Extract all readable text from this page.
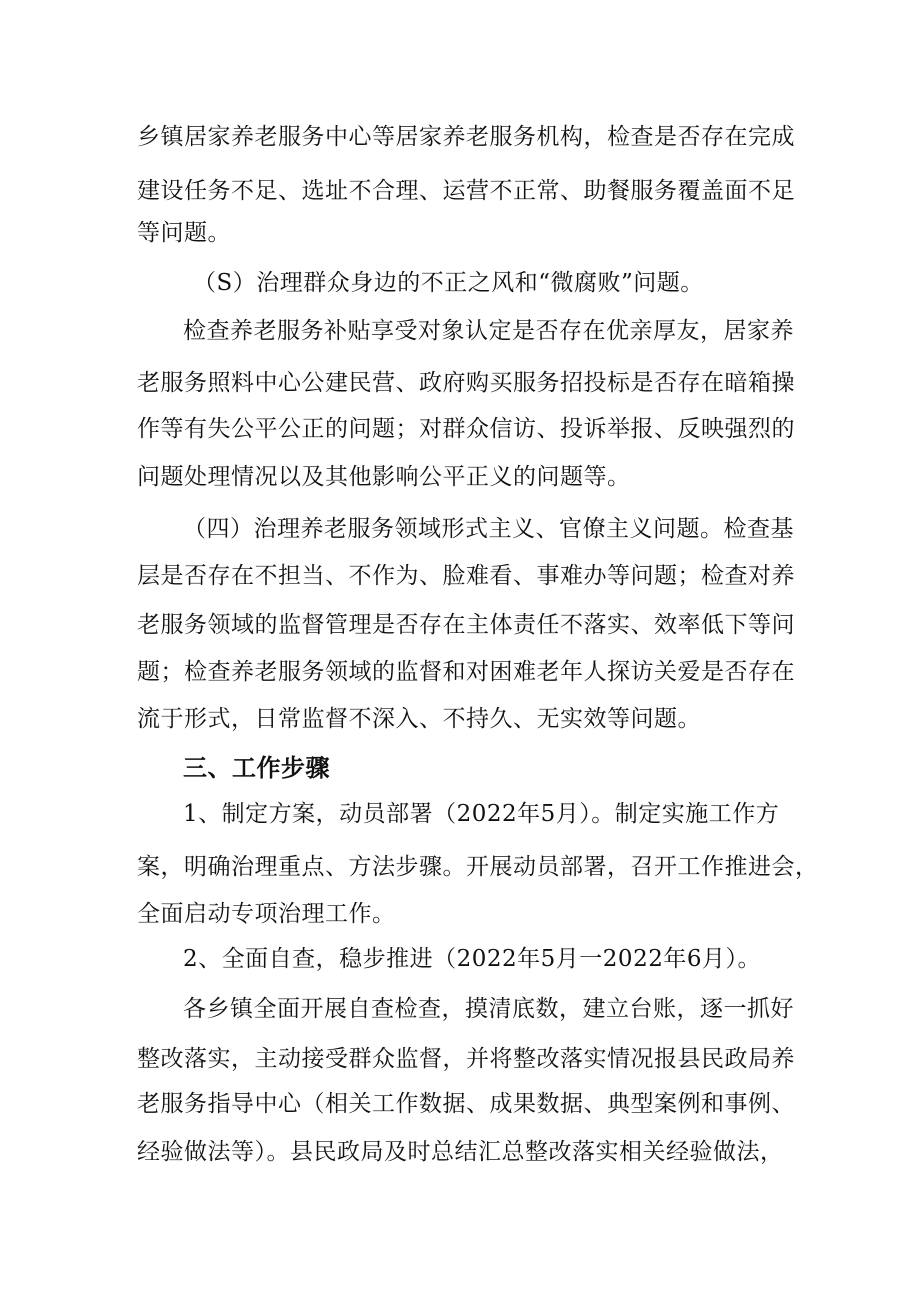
乡镇居家养老服务中心等居家养老服务机构，检查是否存在完成
建设任务不足、选址不合理、运营不正常、助餐服务覆盖面不足
等问题。
（S）治理群众身边的不正之风和“微腐败”问题。
检查养老服务补贴享受对象认定是否存在优亲厚友，居家养
老服务照料中心公建民营、政府购买服务招投标是否存在暗箱操
作等有失公平公正的问题；对群众信访、投诉举报、反映强烈的
问题处理情况以及其他影响公平正义的问题等。
（四）治理养老服务领域形式主义、官僚主义问题。检查基
层是否存在不担当、不作为、脸难看、事难办等问题；检查对养
老服务领域的监督管理是否存在主体责任不落实、效率低下等问
题；检查养老服务领域的监督和对困难老年人探访关爱是否存在
流于形式，日常监督不深入、不持久、无实效等问题。
三、工作步骤
1、制定方案，动员部署（2022年5月）。制定实施工作方
案，明确治理重点、方法步骤。开展动员部署，召开工作推进会，
全面启动专项治理工作。
2、全面自查，稳步推进（2022年5月一2022年6月）。
各乡镇全面开展自查检查，摸清底数，建立台账，逐一抓好
整改落实，主动接受群众监督，并将整改落实情况报县民政局养
老服务指导中心（相关工作数据、成果数据、典型案例和事例、
经验做法等）。县民政局及时总结汇总整改落实相关经验做法，
